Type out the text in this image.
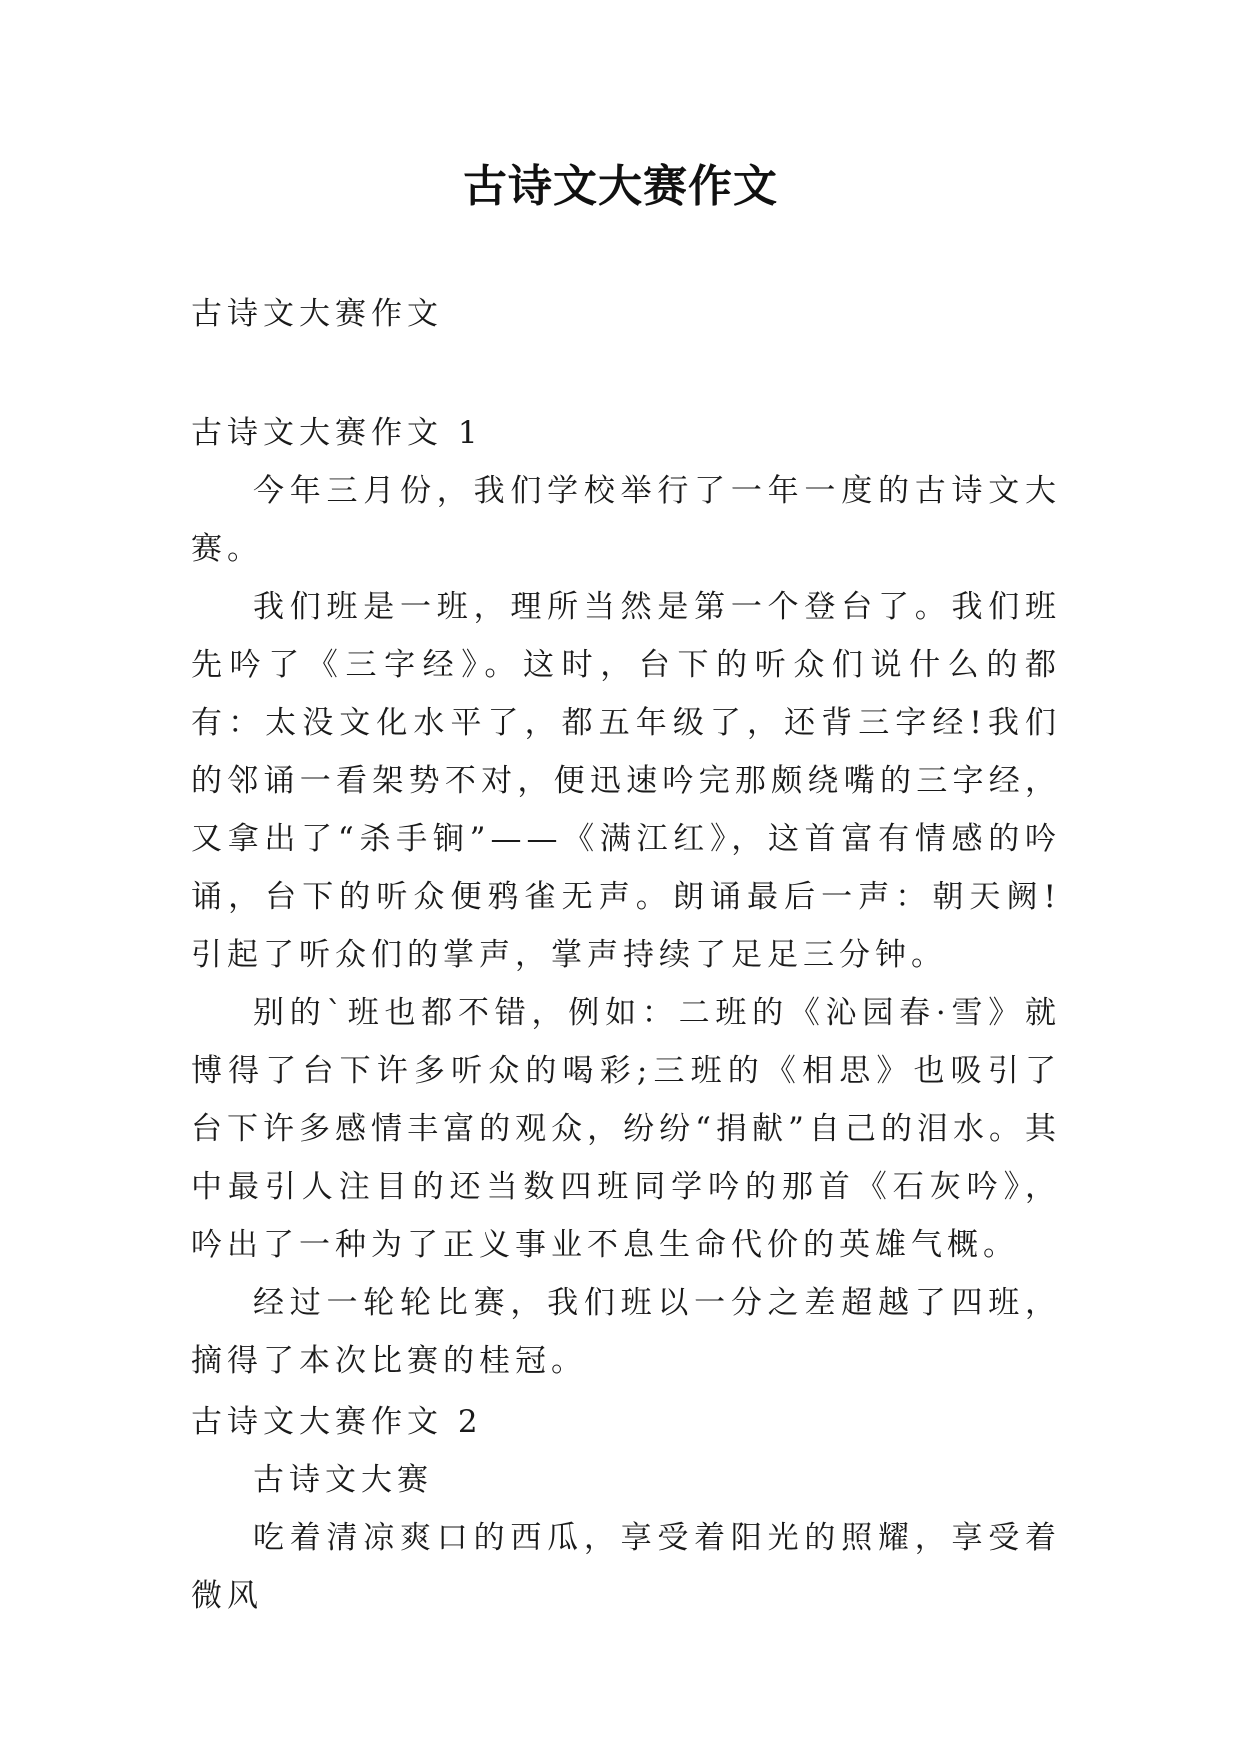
古诗文大赛作文

古诗文大赛作文

古诗文大赛作文 1

今年三月份，我们学校举行了一年一度的古诗文大赛。

我们班是一班，理所当然是第一个登台了。我们班先吟了《三字经》。这时，台下的听众们说什么的都有：太没文化水平了，都五年级了，还背三字经!我们的邻诵一看架势不对，便迅速吟完那颇绕嘴的三字经，又拿出了“杀手锏”——《满江红》，这首富有情感的吟诵，台下的听众便鸦雀无声。朗诵最后一声：朝天阙!引起了听众们的掌声，掌声持续了足足三分钟。

别的`班也都不错，例如：二班的《沁园春·雪》就博得了台下许多听众的喝彩;三班的《相思》也吸引了台下许多感情丰富的观众，纷纷“捐献”自己的泪水。其中最引人注目的还当数四班同学吟的那首《石灰吟》，吟出了一种为了正义事业不息生命代价的英雄气概。

经过一轮轮比赛，我们班以一分之差超越了四班，摘得了本次比赛的桂冠。

古诗文大赛作文 2

古诗文大赛

吃着清凉爽口的西瓜，享受着阳光的照耀，享受着微风
